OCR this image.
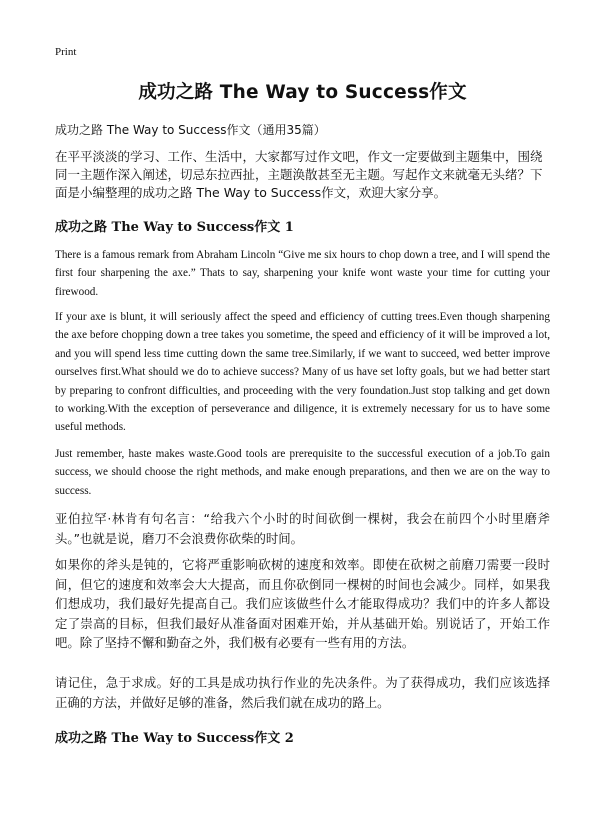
Print
成功之路 The Way to Success作文
成功之路 The Way to Success作文（通用35篇）

在平平淡淡的学习、工作、生活中，大家都写过作文吧，作文一定要做到主题集中，围绕同一主题作深入阐述，切忌东拉西扯，主题涣散甚至无主题。写起作文来就毫无头绪？下面是小编整理的成功之路 The Way to Success作文，欢迎大家分享。

成功之路 The Way to Success作文 1

There is a famous remark from Abraham Lincoln “Give me six hours to chop down a tree, and I will spend the first four sharpening the axe.” Thats to say, sharpening your knife wont waste your time for cutting your firewood.

If your axe is blunt, it will seriously affect the speed and efficiency of cutting trees.Even though sharpening the axe before chopping down a tree takes you sometime, the speed and efficiency of it will be improved a lot, and you will spend less time cutting down the same tree.Similarly, if we want to succeed, wed better improve ourselves first.What should we do to achieve success? Many of us have set lofty goals, but we had better start by preparing to confront difficulties, and proceeding with the very foundation.Just stop talking and get down to working.With the exception of perseverance and diligence, it is extremely necessary for us to have some useful methods.

Just remember, haste makes waste.Good tools are prerequisite to the successful execution of a job.To gain success, we should choose the right methods, and make enough preparations, and then we are on the way to success.

亚伯拉罕·林肯有句名言：“给我六个小时的时间砍倒一棵树，我会在前四个小时里磨斧头。”也就是说，磨刀不会浪费你砍柴的时间。

如果你的斧头是钝的，它将严重影响砍树的速度和效率。即使在砍树之前磨刀需要一段时间，但它的速度和效率会大大提高，而且你砍倒同一棵树的时间也会减少。同样，如果我们想成功，我们最好先提高自己。我们应该做些什么才能取得成功？我们中的许多人都设定了崇高的目标，但我们最好从准备面对困难开始，并从基础开始。别说话了，开始工作吧。除了坚持不懈和勤奋之外，我们极有必要有一些有用的方法。

请记住，急于求成。好的工具是成功执行作业的先决条件。为了获得成功，我们应该选择正确的方法，并做好足够的准备，然后我们就在成功的路上。

成功之路 The Way to Success作文 2
